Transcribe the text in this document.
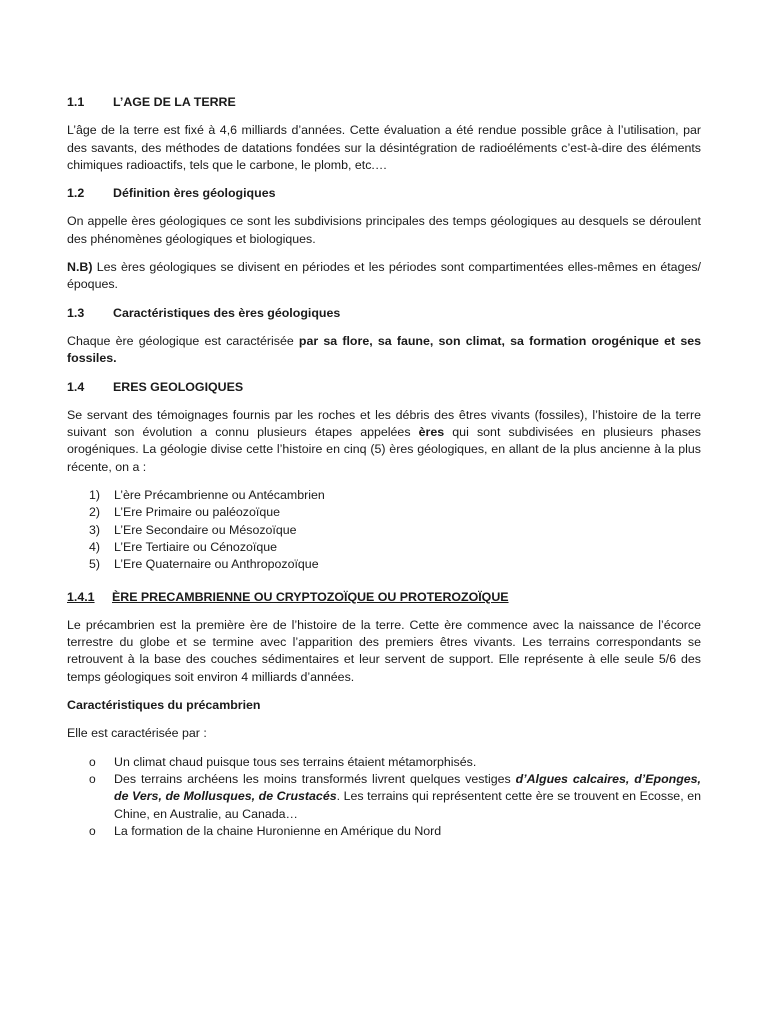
1.1	L’AGE DE LA TERRE

L’âge de la terre est fixé à 4,6 milliards d’années. Cette évaluation a été rendue possible grâce à l’utilisation, par des savants, des méthodes de datations fondées sur la désintégration de radioéléments c’est-à-dire des éléments chimiques radioactifs, tels que le carbone, le plomb, etc.…

1.2	Définition ères géologiques

On appelle ères géologiques ce sont les subdivisions principales des temps géologiques au desquels se déroulent des phénomènes géologiques et biologiques.

N.B) Les ères géologiques se divisent en périodes et les périodes sont compartimentées elles-mêmes en étages/époques.

1.3	Caractéristiques des ères géologiques

Chaque ère géologique est caractérisée par sa flore, sa faune, son climat, sa formation orogénique et ses fossiles.

1.4	ERES GEOLOGIQUES

Se servant des témoignages fournis par les roches et les débris des êtres vivants (fossiles), l’histoire de la terre suivant son évolution a connu plusieurs étapes appelées ères qui sont subdivisées en plusieurs phases orogéniques. La géologie divise cette l’histoire en cinq (5) ères géologiques, en allant de la plus ancienne à la plus récente, on a :

1)	L’ère Précambrienne ou Antécambrien
2)	L’Ere Primaire ou paléozoïque
3)	L’Ere Secondaire ou Mésozoïque
4)	L’Ere Tertiaire ou Cénozoïque
5)	L’Ere Quaternaire ou Anthropozoïque
1.4.1	ÈRE PRECAMBRIENNE OU CRYPTOZOÏQUE OU PROTEROZOÏQUE

Le précambrien est la première ère de l’histoire de la terre. Cette ère commence avec la naissance de l’écorce terrestre du globe et se termine avec l’apparition des premiers êtres vivants. Les terrains correspondants se retrouvent à la base des couches sédimentaires et leur servent de support. Elle représente à elle seule 5/6 des temps géologiques soit environ 4 milliards d’années.

Caractéristiques du précambrien

Elle est caractérisée par :

o	Un climat chaud puisque tous ses terrains étaient métamorphisés.
o	Des terrains archéens les moins transformés livrent quelques vestiges d’Algues calcaires, d’Eponges, de Vers, de Mollusques, de Crustacés. Les terrains qui représentent cette ère se trouvent en Ecosse, en Chine, en Australie, au Canada…
o	La formation de la chaine Huronienne en Amérique du Nord
